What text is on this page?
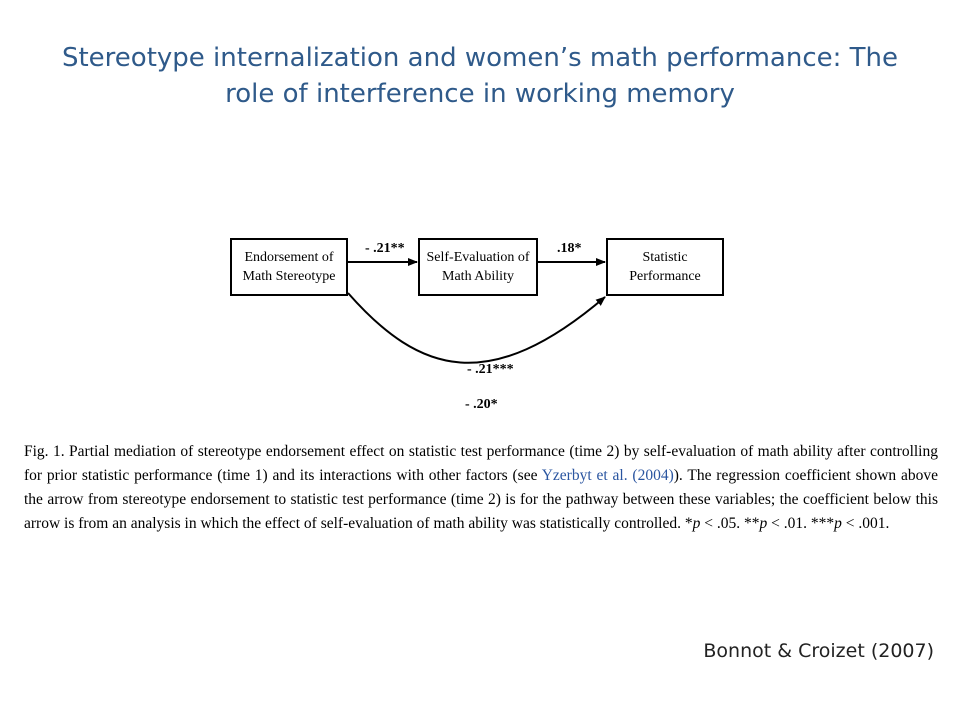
Stereotype internalization and women’s math performance: The
role of interference in working memory
Endorsement of
Math Stereotype
Self-Evaluation of
Math Ability
Statistic
Performance
- .21**	.18*
- .21***
- .20*
Fig. 1. Partial mediation of stereotype endorsement effect on statistic test performance (time 2) by self-evaluation of math ability after controlling for prior statistic performance (time 1) and its interactions with other factors (see Yzerbyt et al. (2004)). The regression coefficient shown above the arrow from stereotype endorsement to statistic test performance (time 2) is for the pathway between these variables; the coefficient below this arrow is from an analysis in which the effect of self-evaluation of math ability was statistically controlled. *p < .05. **p < .01. ***p < .001.
Bonnot & Croizet (2007)
